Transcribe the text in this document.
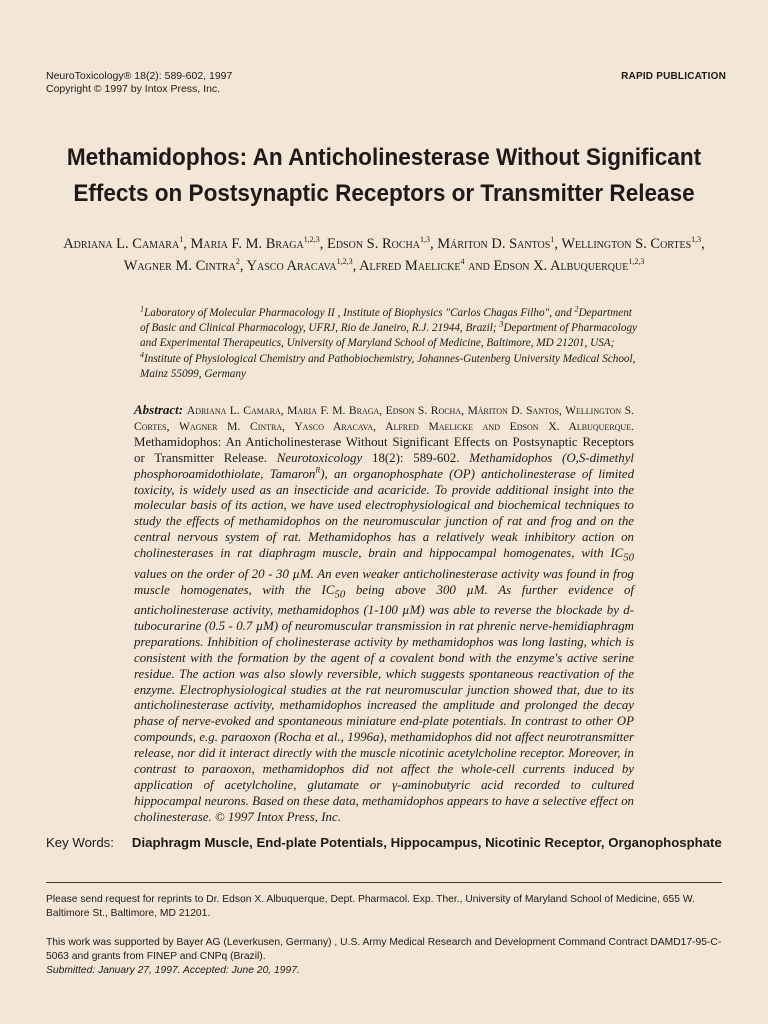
NeuroToxicology® 18(2): 589-602, 1997
Copyright © 1997 by Intox Press, Inc.
RAPID PUBLICATION
Methamidophos: An Anticholinesterase Without Significant
Effects on Postsynaptic Receptors or Transmitter Release
Adriana L. Camara$^1$, Maria F. M. Braga$^{1,2,3}$, Edson S. Rocha$^{1,3}$, Máriton D. Santos$^1$, Wellington S. Cortes$^{1,3}$, Wagner M. Cintra$^2$, Yasco Aracava$^{1,2,3}$, Alfred Maelicke$^4$ and Edson X. Albuquerque$^{1,2,3}$
$^1$Laboratory of Molecular Pharmacology II , Institute of Biophysics "Carlos Chagas Filho", and $^2$Department of Basic and Clinical Pharmacology, UFRJ, Rio de Janeiro, R.J. 21944, Brazil; $^3$Department of Pharmacology and Experimental Therapeutics, University of Maryland School of Medicine, Baltimore, MD 21201, USA; $^4$Institute of Physiological Chemistry and Pathobiochemistry, Johannes-Gutenberg University Medical School, Mainz 55099, Germany
Abstract: Adriana L. Camara, Maria F. M. Braga, Edson S. Rocha, Máriton D. Santos, Wellington S. Cortes, Wagner M. Cintra, Yasco Aracava, Alfred Maelicke and Edson X. Albuquerque. Methamidophos: An Anticholinesterase Without Significant Effects on Postsynaptic Receptors or Transmitter Release. Neurotoxicology 18(2): 589-602. Methamidophos (O,S-dimethyl phosphoroamidothiolate, Tamaron$^R$), an organophosphate (OP) anticholinesterase of limited toxicity, is widely used as an insecticide and acaricide. To provide additional insight into the molecular basis of its action, we have used electrophysiological and biochemical techniques to study the effects of methamidophos on the neuromuscular junction of rat and frog and on the central nervous system of rat. Methamidophos has a relatively weak inhibitory action on cholinesterases in rat diaphragm muscle, brain and hippocampal homogenates, with $IC_{50}$ values on the order of 20 - 30 µM. An even weaker anticholinesterase activity was found in frog muscle homogenates, with the $IC_{50}$ being above 300 µM. As further evidence of anticholinesterase activity, methamidophos (1-100 µM) was able to reverse the blockade by d-tubocurarine (0.5 - 0.7 µM) of neuromuscular transmission in rat phrenic nerve-hemidiaphragm preparations. Inhibition of cholinesterase activity by methamidophos was long lasting, which is consistent with the formation by the agent of a covalent bond with the enzyme's active serine residue. The action was also slowly reversible, which suggests spontaneous reactivation of the enzyme. Electrophysiological studies at the rat neuromuscular junction showed that, due to its anticholinesterase activity, methamidophos increased the amplitude and prolonged the decay phase of nerve-evoked and spontaneous miniature end-plate potentials. In contrast to other OP compounds, e.g. paraoxon (Rocha et al., 1996a), methamidophos did not affect neurotransmitter release, nor did it interact directly with the muscle nicotinic acetylcholine receptor. Moreover, in contrast to paraoxon, methamidophos did not affect the whole-cell currents induced by application of acetylcholine, glutamate or γ-aminobutyric acid recorded to cultured hippocampal neurons. Based on these data, methamidophos appears to have a selective effect on cholinesterase. © 1997 Intox Press, Inc.
Key Words: Diaphragm Muscle, End-plate Potentials, Hippocampus, Nicotinic Receptor, Organophosphate
Please send request for reprints to Dr. Edson X. Albuquerque, Dept. Pharmacol. Exp. Ther., University of Maryland School of Medicine, 655 W. Baltimore St., Baltimore, MD 21201.
This work was supported by Bayer AG (Leverkusen, Germany) , U.S. Army Medical Research and Development Command Contract DAMD17-95-C-5063 and grants from FINEP and CNPq (Brazil).
Submitted: January 27, 1997. Accepted: June 20, 1997.
